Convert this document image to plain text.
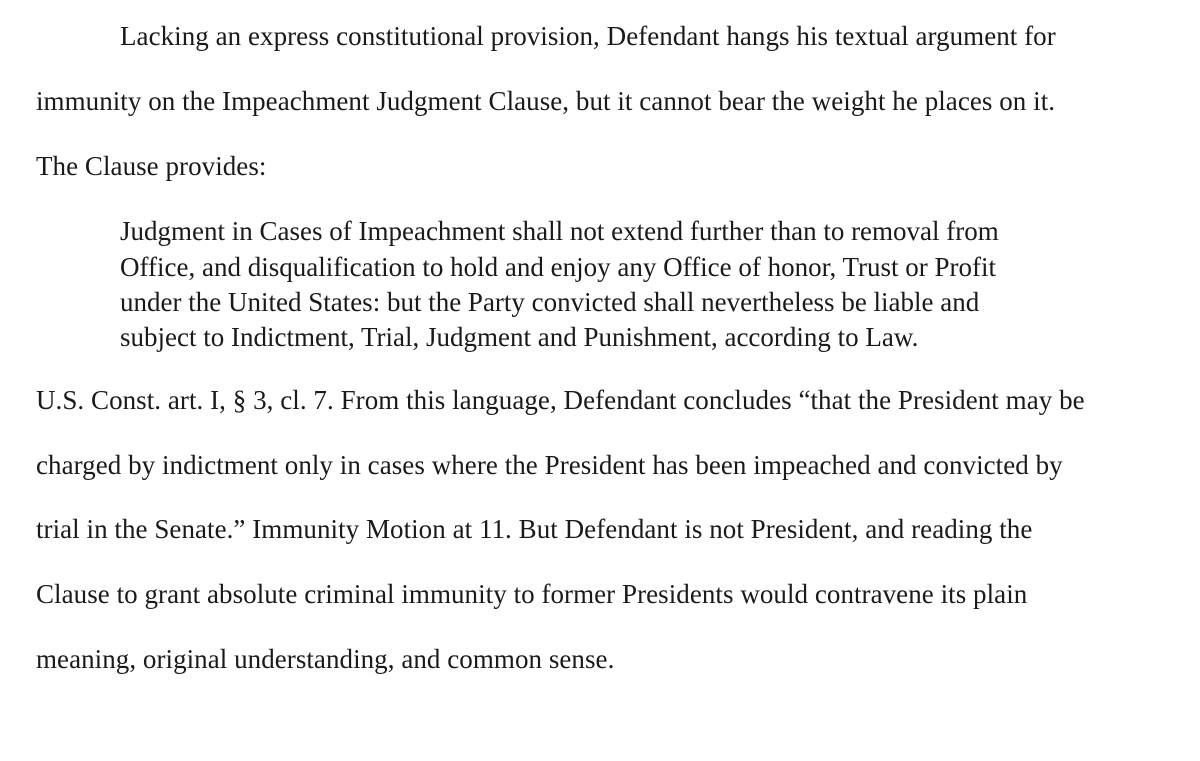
Lacking an express constitutional provision, Defendant hangs his textual argument for
immunity on the Impeachment Judgment Clause, but it cannot bear the weight he places on it.
The Clause provides:
Judgment in Cases of Impeachment shall not extend further than to removal from
Office, and disqualification to hold and enjoy any Office of honor, Trust or Profit
under the United States: but the Party convicted shall nevertheless be liable and
subject to Indictment, Trial, Judgment and Punishment, according to Law.
U.S. Const. art. I, § 3, cl. 7. From this language, Defendant concludes “that the President may be
charged by indictment only in cases where the President has been impeached and convicted by
trial in the Senate.” Immunity Motion at 11. But Defendant is not President, and reading the
Clause to grant absolute criminal immunity to former Presidents would contravene its plain
meaning, original understanding, and common sense.
